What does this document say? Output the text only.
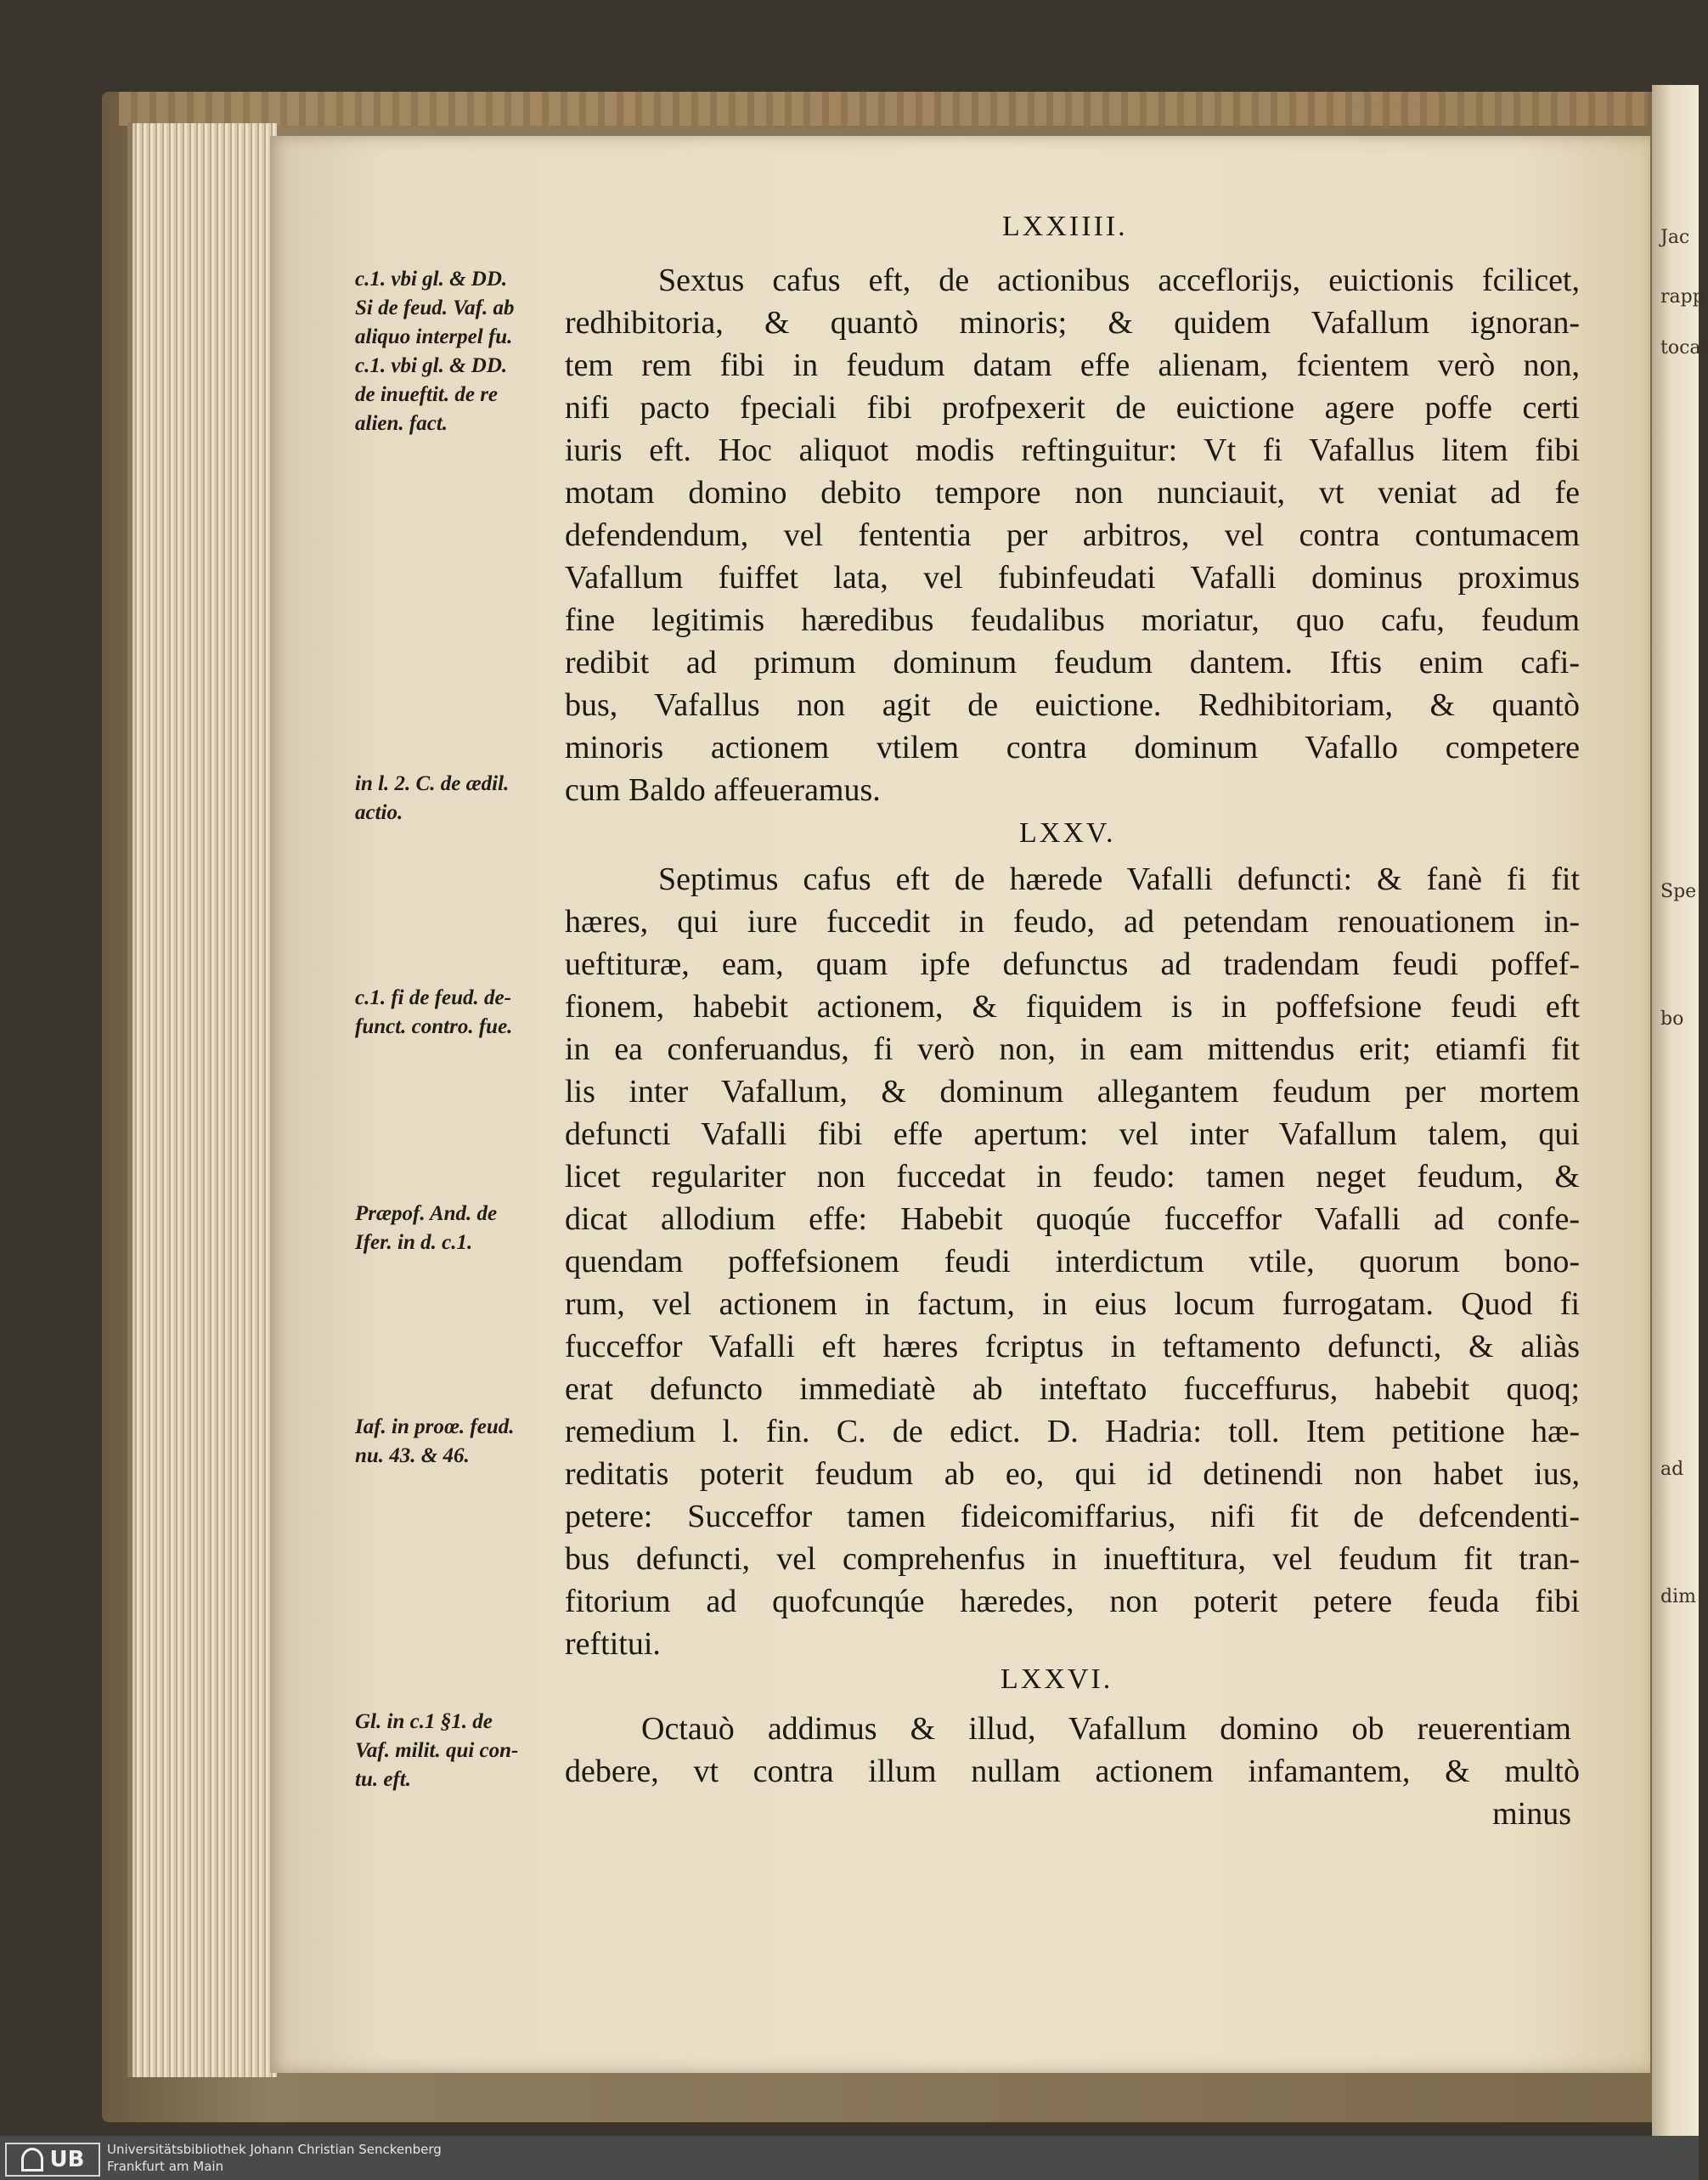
Jac

rapp

tocat

Spe

bo

ad

dim

LXXIIII.
LXXV.
LXXVI.
Sextus cafus eft, de actionibus acceflorijs, euictionis fcilicet,
redhibitoria, & quantò minoris; & quidem Vafallum ignoran-
tem rem fibi in feudum datam effe alienam, fcientem verò non,
nifi pacto fpeciali fibi profpexerit de euictione agere poffe certi
iuris eft. Hoc aliquot modis reftinguitur: Vt fi Vafallus litem fibi
motam domino debito tempore non nunciauit, vt veniat ad fe
defendendum, vel fententia per arbitros, vel contra contumacem
Vafallum fuiffet lata, vel fubinfeudati Vafalli dominus proximus
fine legitimis hæredibus feudalibus moriatur, quo cafu, feudum
redibit ad primum dominum feudum dantem. Iftis enim cafi-
bus, Vafallus non agit de euictione. Redhibitoriam, & quantò
minoris actionem vtilem contra dominum Vafallo competere
cum Baldo affeueramus.
Septimus cafus eft de hærede Vafalli defuncti: & fanè fi fit
hæres, qui iure fuccedit in feudo, ad petendam renouationem in-
ueftituræ, eam, quam ipfe defunctus ad tradendam feudi poffef-
fionem, habebit actionem, & fiquidem is in poffefsione feudi eft
in ea conferuandus, fi verò non, in eam mittendus erit; etiamfi fit
lis inter Vafallum, & dominum allegantem feudum per mortem
defuncti Vafalli fibi effe apertum: vel inter Vafallum talem, qui
licet regulariter non fuccedat in feudo: tamen neget feudum, &
dicat allodium effe: Habebit quoqúe fucceffor Vafalli ad confe-
quendam poffefsionem feudi interdictum vtile, quorum bono-
rum, vel actionem in factum, in eius locum furrogatam. Quod fi
fucceffor Vafalli eft hæres fcriptus in teftamento defuncti, & aliàs
erat defuncto immediatè ab inteftato fucceffurus, habebit quoq;
remedium l. fin. C. de edict. D. Hadria: toll. Item petitione hæ-
reditatis poterit feudum ab eo, qui id detinendi non habet ius,
petere: Succeffor tamen fideicomiffarius, nifi fit de defcendenti-
bus defuncti, vel comprehenfus in inueftitura, vel feudum fit tran-
fitorium ad quofcunqúe hæredes, non poterit petere feuda fibi
reftitui.
Octauò addimus & illud, Vafallum domino ob reuerentiam
debere, vt contra illum nullam actionem infamantem, & multò
minus
c.1. vbi gl. & DD.
Si de feud. Vaf. ab
aliquo interpel fu.
c.1. vbi gl. & DD.
de inueftit. de re
alien. fact.
in l. 2. C. de ædil.
actio.
c.1. fi de feud. de-
funct. contro. fue.
Præpof. And. de
Ifer. in d. c.1.
Iaf. in proœ. feud.
nu. 43. & 46.
Gl. in c.1 §1. de
Vaf. milit. qui con-
tu. eft.
UB Universitätsbibliothek Johann Christian Senckenberg
Frankfurt am Main
